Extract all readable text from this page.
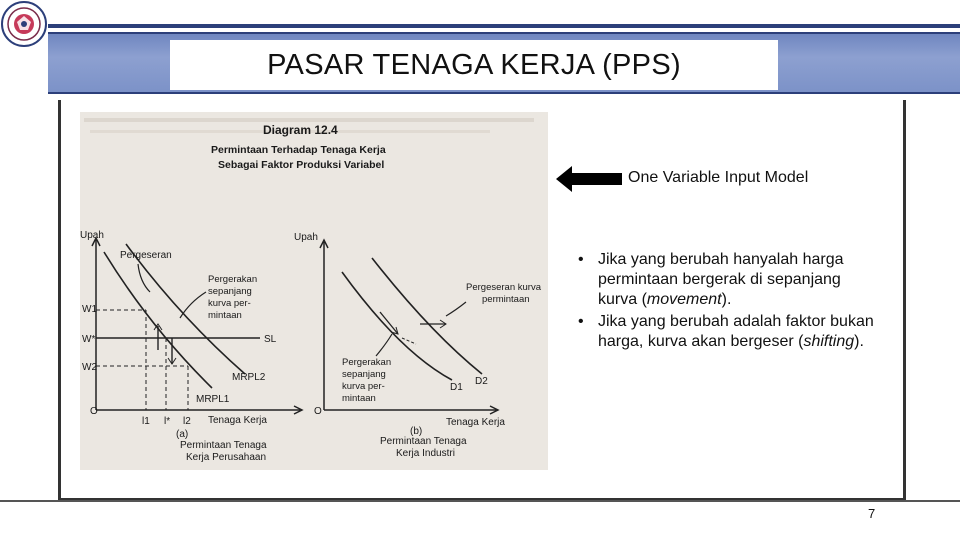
PASAR TENAGA KERJA (PPS)
Diagram 12.4
Permintaan Terhadap Tenaga Kerja
Sebagai Faktor Produksi Variabel
Upah
Tenaga Kerja
O
SL
MRPL2
MRPL1
W1
W*
W2
l1 l* l2
Pergeseran
Pergerakan
sepanjang
kurva per-
mintaan
(a)
Permintaan Tenaga
Kerja Perusahaan
Upah
Tenaga Kerja
O
D1
D2
Pergeseran kurva
permintaan
Pergerakan
sepanjang
kurva per-
mintaan
(b)
Permintaan Tenaga
Kerja Industri
One Variable Input Model
• Jika yang berubah hanyalah harga permintaan bergerak di sepanjang kurva (movement).
• Jika yang berubah adalah faktor bukan harga, kurva akan bergeser (shifting).
7
